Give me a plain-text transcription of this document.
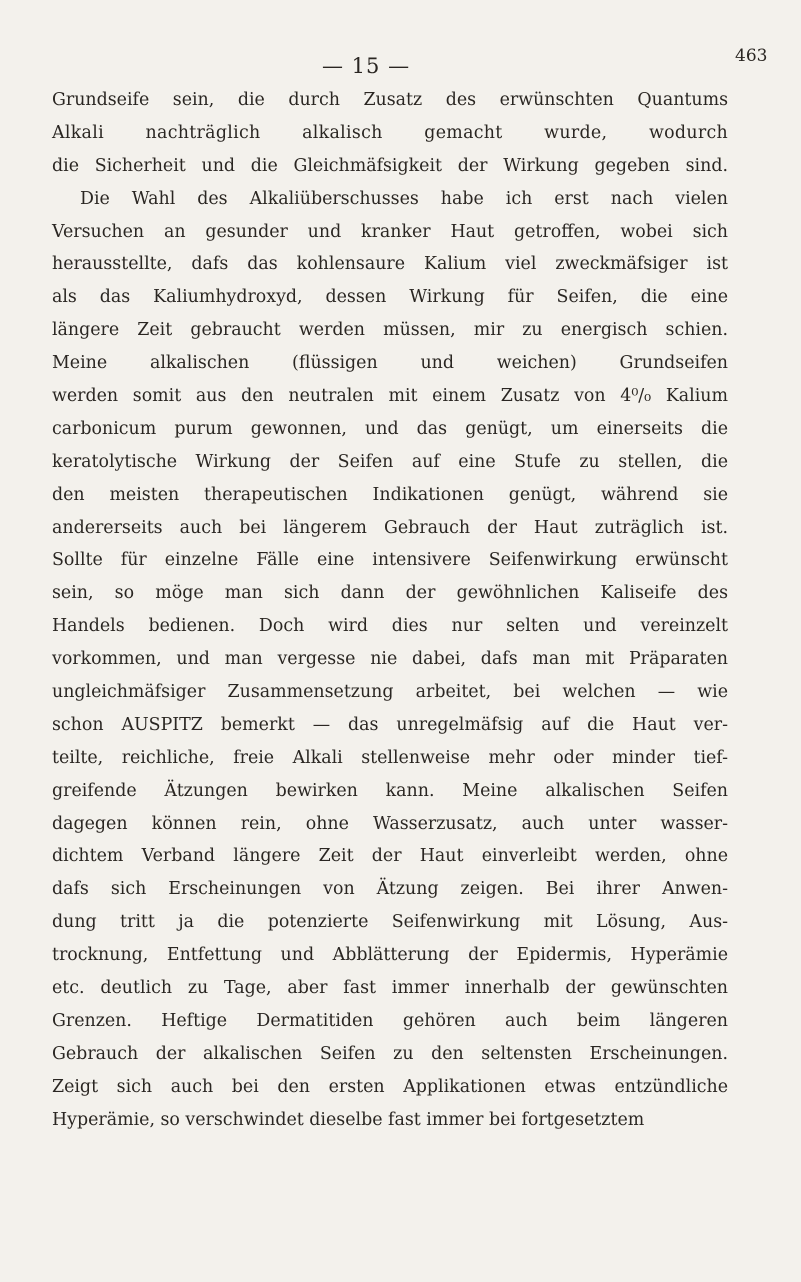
— 15 —	463
Grundseife sein, die durch Zusatz des erwünschten Quantums
Alkali nachträglich alkalisch gemacht wurde, wodurch
die Sicherheit und die Gleichmäfsigkeit der Wirkung gegeben sind.
Die Wahl des Alkaliüberschusses habe ich erst nach vielen
Versuchen an gesunder und kranker Haut getroffen, wobei sich
herausstellte, dafs das kohlensaure Kalium viel zweckmäfsiger ist
als das Kaliumhydroxyd, dessen Wirkung für Seifen, die eine
längere Zeit gebraucht werden müssen, mir zu energisch schien.
Meine alkalischen (flüssigen und weichen) Grundseifen
werden somit aus den neutralen mit einem Zusatz von 4⁰/₀ Kalium
carbonicum purum gewonnen, und das genügt, um einerseits die
keratolytische Wirkung der Seifen auf eine Stufe zu stellen, die
den meisten therapeutischen Indikationen genügt, während sie
andererseits auch bei längerem Gebrauch der Haut zuträglich ist.
Sollte für einzelne Fälle eine intensivere Seifenwirkung erwünscht
sein, so möge man sich dann der gewöhnlichen Kaliseife des
Handels bedienen. Doch wird dies nur selten und vereinzelt
vorkommen, und man vergesse nie dabei, dafs man mit Präparaten
ungleichmäfsiger Zusammensetzung arbeitet, bei welchen — wie
schon AUSPITZ bemerkt — das unregelmäfsig auf die Haut ver-
teilte, reichliche, freie Alkali stellenweise mehr oder minder tief-
greifende Ätzungen bewirken kann. Meine alkalischen Seifen
dagegen können rein, ohne Wasserzusatz, auch unter wasser-
dichtem Verband längere Zeit der Haut einverleibt werden, ohne
dafs sich Erscheinungen von Ätzung zeigen. Bei ihrer Anwen-
dung tritt ja die potenzierte Seifenwirkung mit Lösung, Aus-
trocknung, Entfettung und Abblätterung der Epidermis, Hyperämie
etc. deutlich zu Tage, aber fast immer innerhalb der gewünschten
Grenzen. Heftige Dermatitiden gehören auch beim längeren
Gebrauch der alkalischen Seifen zu den seltensten Erscheinungen.
Zeigt sich auch bei den ersten Applikationen etwas entzündliche
Hyperämie, so verschwindet dieselbe fast immer bei fortgesetztem
